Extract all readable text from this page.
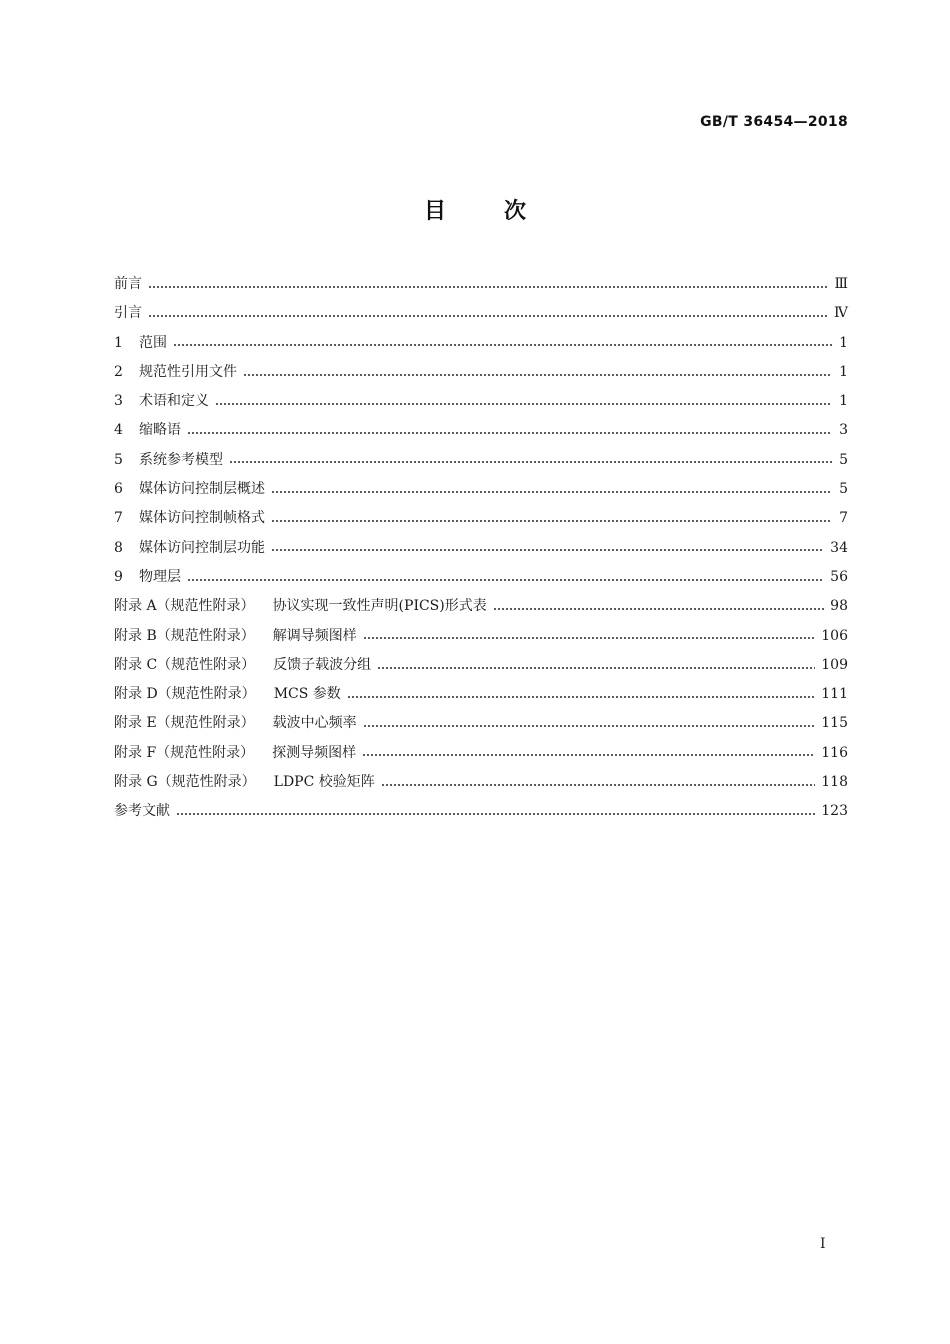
GB/T 36454—2018
目次
前言	Ⅲ
引言	Ⅳ
1	范围	1
2	规范性引用文件	1
3	术语和定义	1
4	缩略语	3
5	系统参考模型	5
6	媒体访问控制层概述	5
7	媒体访问控制帧格式	7
8	媒体访问控制层功能	34
9	物理层	56
附录 A（规范性附录） 协议实现一致性声明(PICS)形式表	98
附录 B（规范性附录） 解调导频图样	106
附录 C（规范性附录） 反馈子载波分组	109
附录 D（规范性附录） MCS 参数	111
附录 E（规范性附录） 载波中心频率	115
附录 F（规范性附录） 探测导频图样	116
附录 G（规范性附录） LDPC 校验矩阵	118
参考文献	123
I
